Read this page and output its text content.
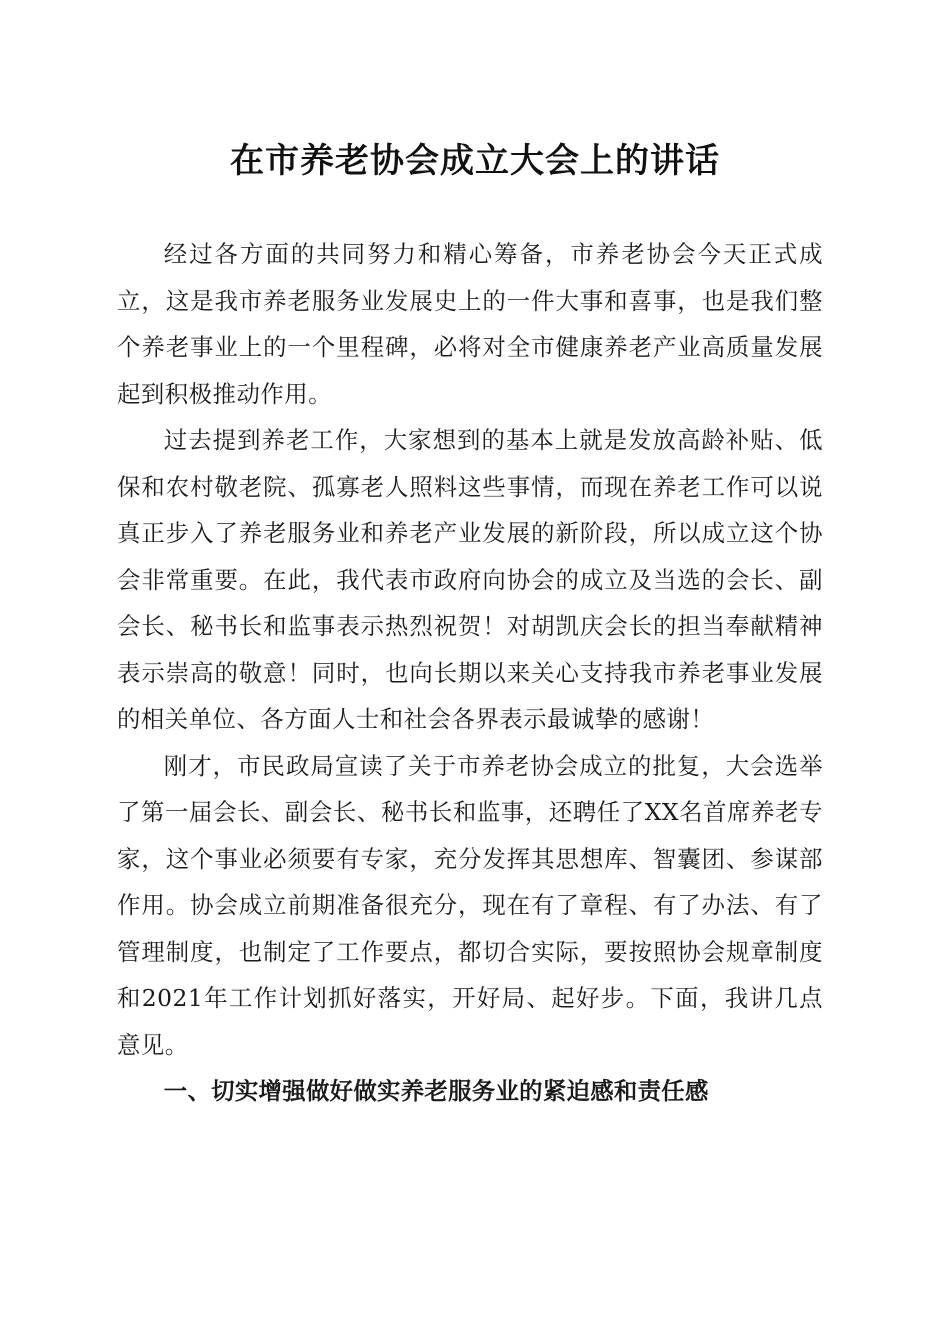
在市养老协会成立大会上的讲话

经过各方面的共同努力和精心筹备，市养老协会今天正式成立，这是我市养老服务业发展史上的一件大事和喜事，也是我们整个养老事业上的一个里程碑，必将对全市健康养老产业高质量发展起到积极推动作用。

过去提到养老工作，大家想到的基本上就是发放高龄补贴、低保和农村敬老院、孤寡老人照料这些事情，而现在养老工作可以说真正步入了养老服务业和养老产业发展的新阶段，所以成立这个协会非常重要。在此，我代表市政府向协会的成立及当选的会长、副会长、秘书长和监事表示热烈祝贺！对胡凯庆会长的担当奉献精神表示崇高的敬意！同时，也向长期以来关心支持我市养老事业发展的相关单位、各方面人士和社会各界表示最诚挚的感谢！

刚才，市民政局宣读了关于市养老协会成立的批复，大会选举了第一届会长、副会长、秘书长和监事，还聘任了XX名首席养老专家，这个事业必须要有专家，充分发挥其思想库、智囊团、参谋部作用。协会成立前期准备很充分，现在有了章程、有了办法、有了管理制度，也制定了工作要点，都切合实际，要按照协会规章制度和2021年工作计划抓好落实，开好局、起好步。下面，我讲几点意见。

一、切实增强做好做实养老服务业的紧迫感和责任感
